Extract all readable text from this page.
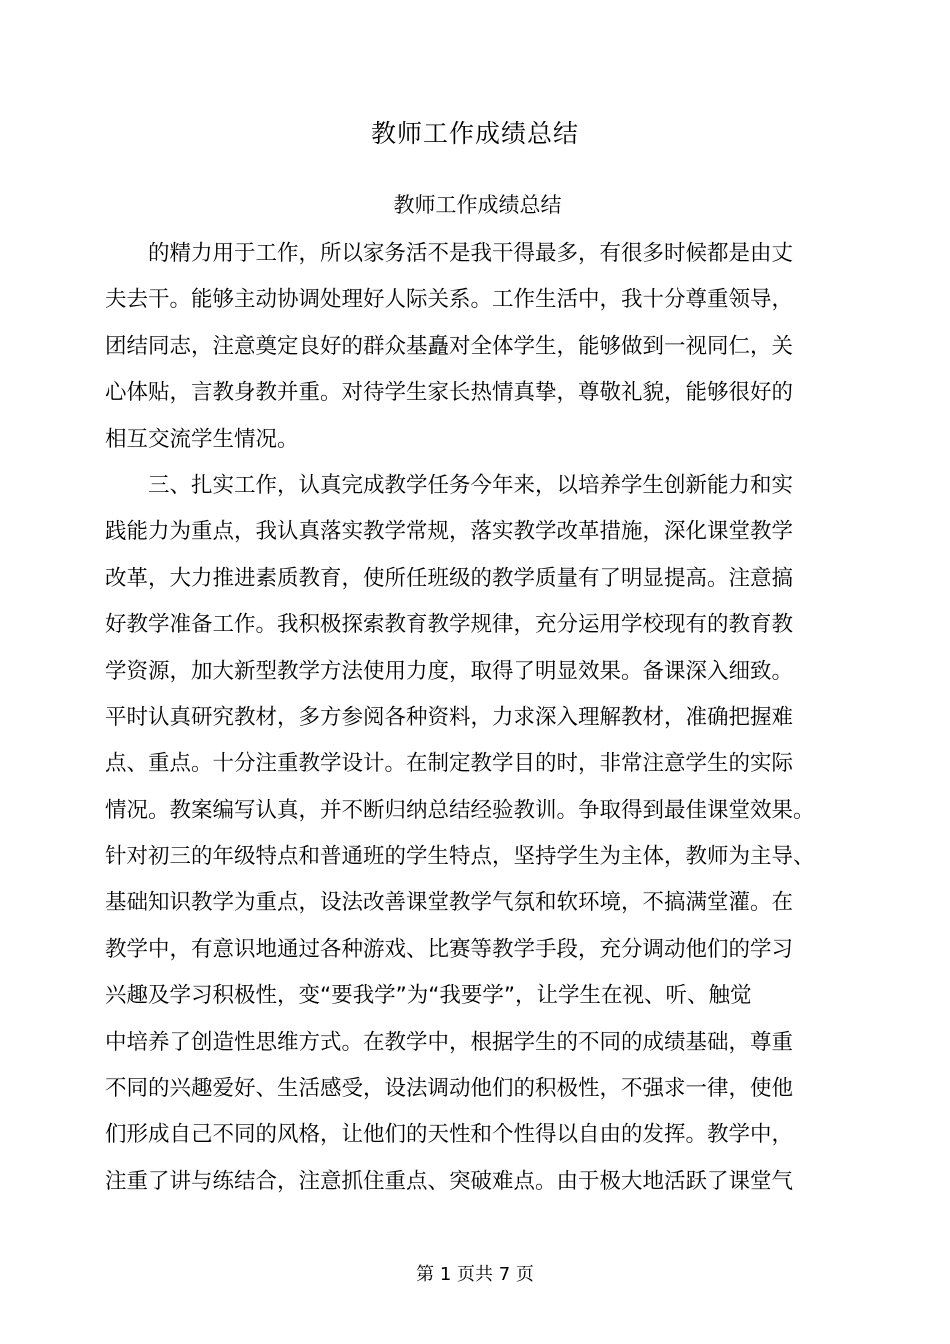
教师工作成绩总结
教师工作成绩总结
　　的精力用于工作，所以家务活不是我干得最多，有很多时候都是由丈
夫去干。能够主动协调处理好人际关系。工作生活中，我十分尊重领导，
团结同志，注意奠定良好的群众基矗对全体学生，能够做到一视同仁，关
心体贴，言教身教并重。对待学生家长热情真挚，尊敬礼貌，能够很好的
相互交流学生情况。
　　三、扎实工作，认真完成教学任务今年来，以培养学生创新能力和实
践能力为重点，我认真落实教学常规，落实教学改革措施，深化课堂教学
改革，大力推进素质教育，使所任班级的教学质量有了明显提高。注意搞
好教学准备工作。我积极探索教育教学规律，充分运用学校现有的教育教
学资源，加大新型教学方法使用力度，取得了明显效果。备课深入细致。
平时认真研究教材，多方参阅各种资料，力求深入理解教材，准确把握难
点、重点。十分注重教学设计。在制定教学目的时，非常注意学生的实际
情况。教案编写认真，并不断归纳总结经验教训。争取得到最佳课堂效果。
针对初三的年级特点和普通班的学生特点，坚持学生为主体，教师为主导、
基础知识教学为重点，设法改善课堂教学气氛和软环境，不搞满堂灌。在
教学中，有意识地通过各种游戏、比赛等教学手段，充分调动他们的学习
兴趣及学习积极性，变“要我学”为“我要学”，让学生在视、听、触觉
中培养了创造性思维方式。在教学中，根据学生的不同的成绩基础，尊重
不同的兴趣爱好、生活感受，设法调动他们的积极性，不强求一律，使他
们形成自己不同的风格，让他们的天性和个性得以自由的发挥。教学中，
注重了讲与练结合，注意抓住重点、突破难点。由于极大地活跃了课堂气
第 1 页共 7 页
